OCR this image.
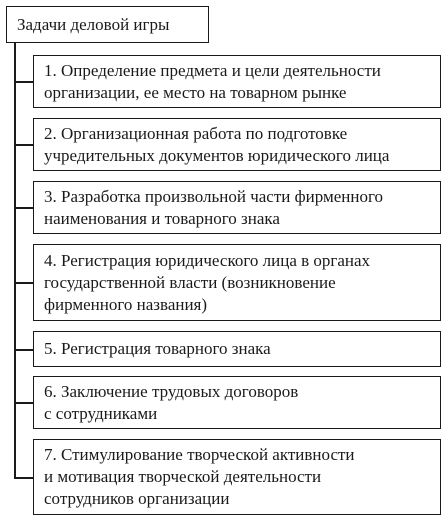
Задачи деловой игры
1. Определение предмета и цели деятельности
организации, ее место на товарном рынке
2. Организационная работа по подготовке
учредительных документов юридического лица
3. Разработка произвольной части фирменного
наименования и товарного знака
4. Регистрация юридического лица в органах
государственной власти (возникновение
фирменного названия)
5. Регистрация товарного знака
6. Заключение трудовых договоров
с сотрудниками
7. Стимулирование творческой активности
и мотивация творческой деятельности
сотрудников организации
